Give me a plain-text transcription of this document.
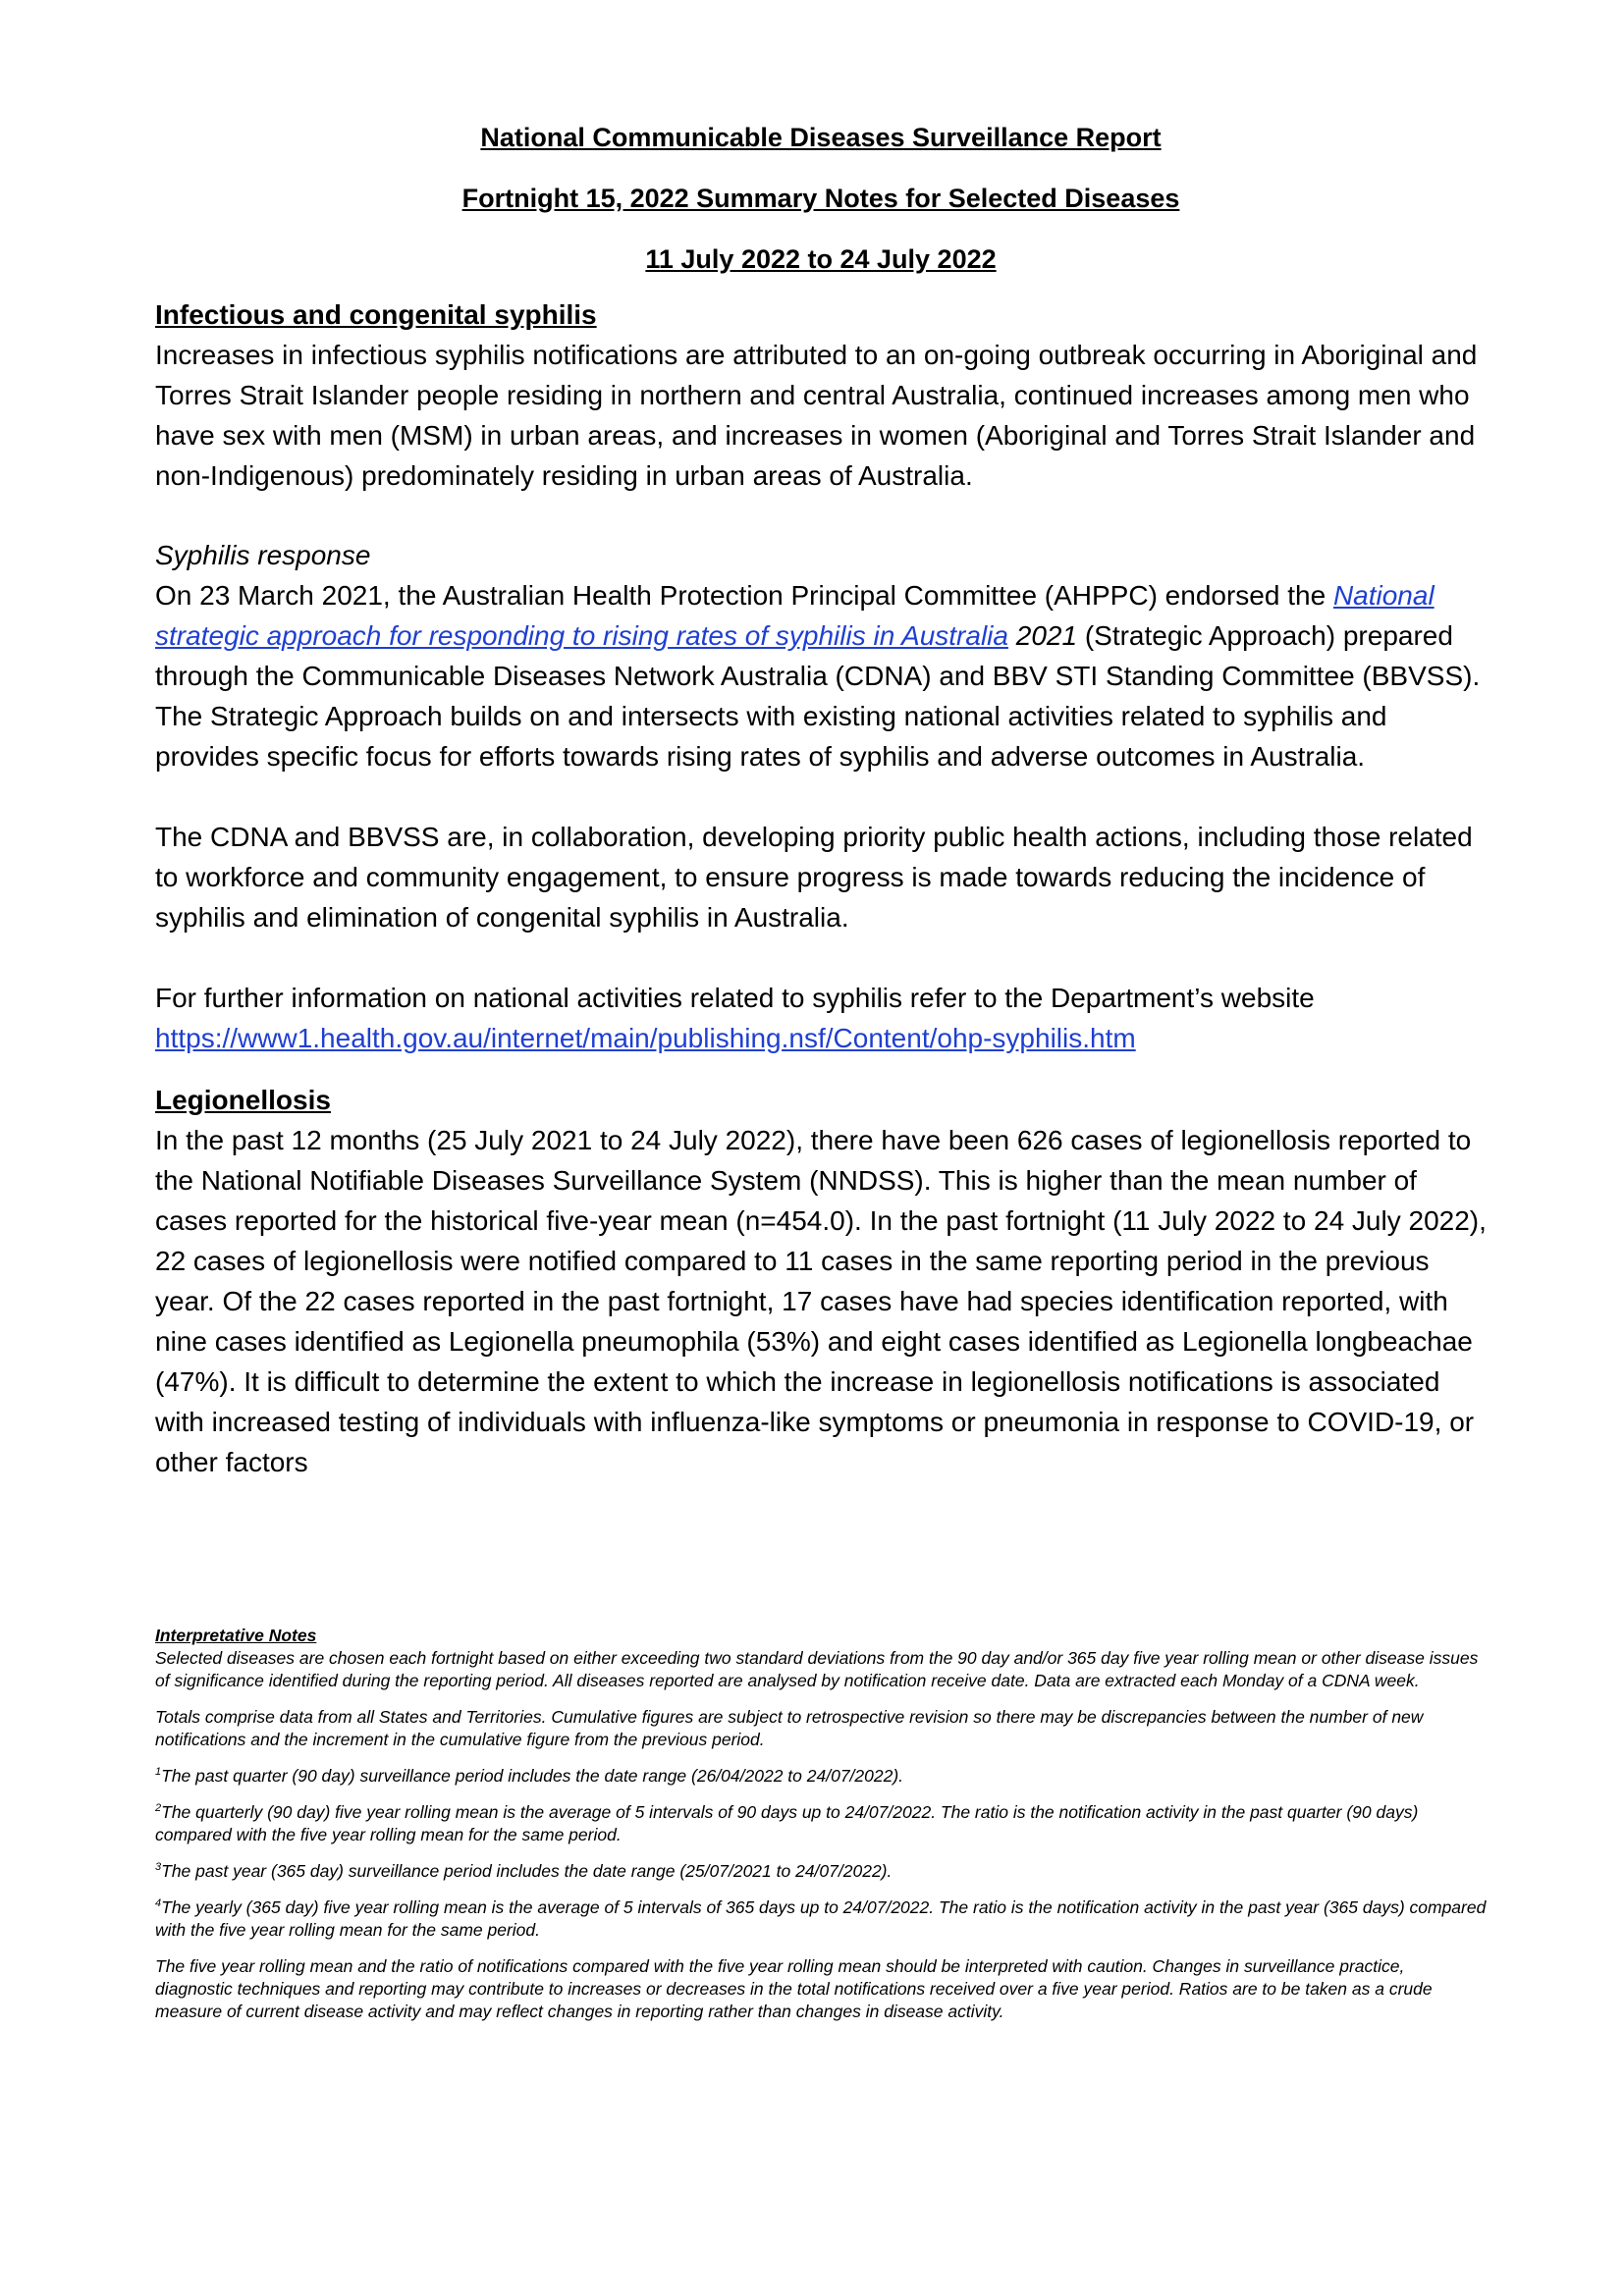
National Communicable Diseases Surveillance Report

Fortnight 15, 2022 Summary Notes for Selected Diseases

11 July 2022 to 24 July 2022

Infectious and congenital syphilis

Increases in infectious syphilis notifications are attributed to an on-going outbreak occurring in Aboriginal and Torres Strait Islander people residing in northern and central Australia, continued increases among men who have sex with men (MSM) in urban areas, and increases in women (Aboriginal and Torres Strait Islander and non-Indigenous) predominately residing in urban areas of Australia.

Syphilis response

On 23 March 2021, the Australian Health Protection Principal Committee (AHPPC) endorsed the National strategic approach for responding to rising rates of syphilis in Australia 2021 (Strategic Approach) prepared through the Communicable Diseases Network Australia (CDNA) and BBV STI Standing Committee (BBVSS). The Strategic Approach builds on and intersects with existing national activities related to syphilis and provides specific focus for efforts towards rising rates of syphilis and adverse outcomes in Australia.

The CDNA and BBVSS are, in collaboration, developing priority public health actions, including those related to workforce and community engagement, to ensure progress is made towards reducing the incidence of syphilis and elimination of congenital syphilis in Australia.

For further information on national activities related to syphilis refer to the Department’s website

https://www1.health.gov.au/internet/main/publishing.nsf/Content/ohp-syphilis.htm

Legionellosis

In the past 12 months (25 July 2021 to 24 July 2022), there have been 626 cases of legionellosis reported to the National Notifiable Diseases Surveillance System (NNDSS). This is higher than the mean number of cases reported for the historical five-year mean (n=454.0). In the past fortnight (11 July 2022 to 24 July 2022), 22 cases of legionellosis were notified compared to 11 cases in the same reporting period in the previous year. Of the 22 cases reported in the past fortnight, 17 cases have had species identification reported, with nine cases identified as Legionella pneumophila (53%) and eight cases identified as Legionella longbeachae (47%). It is difficult to determine the extent to which the increase in legionellosis notifications is associated with increased testing of individuals with influenza-like symptoms or pneumonia in response to COVID-19, or other factors

Interpretative Notes

Selected diseases are chosen each fortnight based on either exceeding two standard deviations from the 90 day and/or 365 day five year rolling mean or other disease issues of significance identified during the reporting period. All diseases reported are analysed by notification receive date. Data are extracted each Monday of a CDNA week.

Totals comprise data from all States and Territories. Cumulative figures are subject to retrospective revision so there may be discrepancies between the number of new notifications and the increment in the cumulative figure from the previous period.

$^1$The past quarter (90 day) surveillance period includes the date range (26/04/2022 to 24/07/2022).

$^2$The quarterly (90 day) five year rolling mean is the average of 5 intervals of 90 days up to 24/07/2022. The ratio is the notification activity in the past quarter (90 days) compared with the five year rolling mean for the same period.

$^3$The past year (365 day) surveillance period includes the date range (25/07/2021 to 24/07/2022).

$^4$The yearly (365 day) five year rolling mean is the average of 5 intervals of 365 days up to 24/07/2022. The ratio is the notification activity in the past year (365 days) compared with the five year rolling mean for the same period.

The five year rolling mean and the ratio of notifications compared with the five year rolling mean should be interpreted with caution. Changes in surveillance practice, diagnostic techniques and reporting may contribute to increases or decreases in the total notifications received over a five year period. Ratios are to be taken as a crude measure of current disease activity and may reflect changes in reporting rather than changes in disease activity.
